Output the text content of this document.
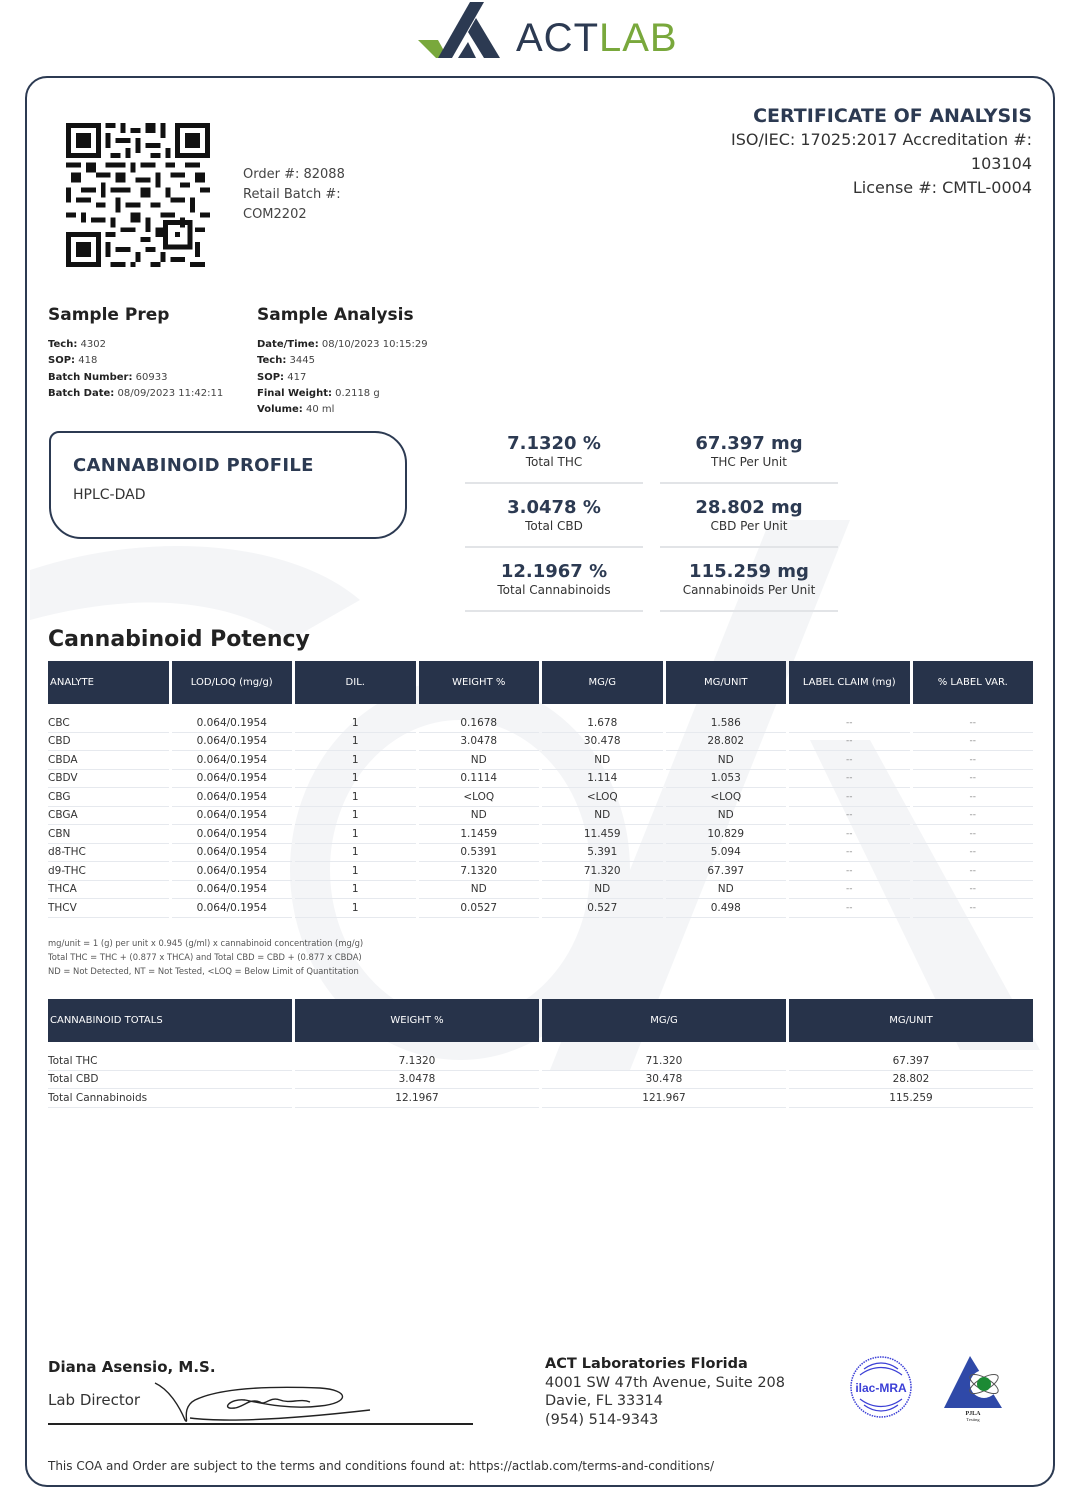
ACTLAB
Order #: 82088
Retail Batch #:
COM2202
CERTIFICATE OF ANALYSIS
ISO/IEC: 17025:2017 Accreditation #:
103104
License #: CMTL-0004
Sample Prep
Tech: 4302
SOP: 418
Batch Number: 60933
Batch Date: 08/09/2023 11:42:11
Sample Analysis
Date/Time: 08/10/2023 10:15:29
Tech: 3445
SOP: 417
Final Weight: 0.2118 g
Volume: 40 ml
CANNABINOID PROFILE
HPLC-DAD
7.1320 %
Total THC
67.397 mg
THC Per Unit
3.0478 %
Total CBD
28.802 mg
CBD Per Unit
12.1967 %
Total Cannabinoids
115.259 mg
Cannabinoids Per Unit
Cannabinoid Potency
ANALYTE	LOD/LOQ (mg/g)	DIL.	WEIGHT %	MG/G	MG/UNIT	LABEL CLAIM (mg)	% LABEL VAR.

CBC	0.064/0.1954	1	0.1678	1.678	1.586	--	--
CBD	0.064/0.1954	1	3.0478	30.478	28.802	--	--
CBDA	0.064/0.1954	1	ND	ND	ND	--	--
CBDV	0.064/0.1954	1	0.1114	1.114	1.053	--	--
CBG	0.064/0.1954	1	<LOQ	<LOQ	<LOQ	--	--
CBGA	0.064/0.1954	1	ND	ND	ND	--	--
CBN	0.064/0.1954	1	1.1459	11.459	10.829	--	--
d8-THC	0.064/0.1954	1	0.5391	5.391	5.094	--	--
d9-THC	0.064/0.1954	1	7.1320	71.320	67.397	--	--
THCA	0.064/0.1954	1	ND	ND	ND	--	--
THCV	0.064/0.1954	1	0.0527	0.527	0.498	--	--
mg/unit = 1 (g) per unit x 0.945 (g/ml) x cannabinoid concentration (mg/g)
Total THC = THC + (0.877 x THCA) and Total CBD = CBD + (0.877 x CBDA)
ND = Not Detected, NT = Not Tested, <LOQ = Below Limit of Quantitation
CANNABINOID TOTALS	WEIGHT %	MG/G	MG/UNIT

Total THC	7.1320	71.320	67.397
Total CBD	3.0478	30.478	28.802
Total Cannabinoids	12.1967	121.967	115.259
Diana Asensio, M.S.
Lab Director
ACT Laboratories Florida
4001 SW 47th Avenue, Suite 208
Davie, FL 33314
(954) 514-9343
ilac-MRA
PJLA
Testing
This COA and Order are subject to the terms and conditions found at: https://actlab.com/terms-and-conditions/
